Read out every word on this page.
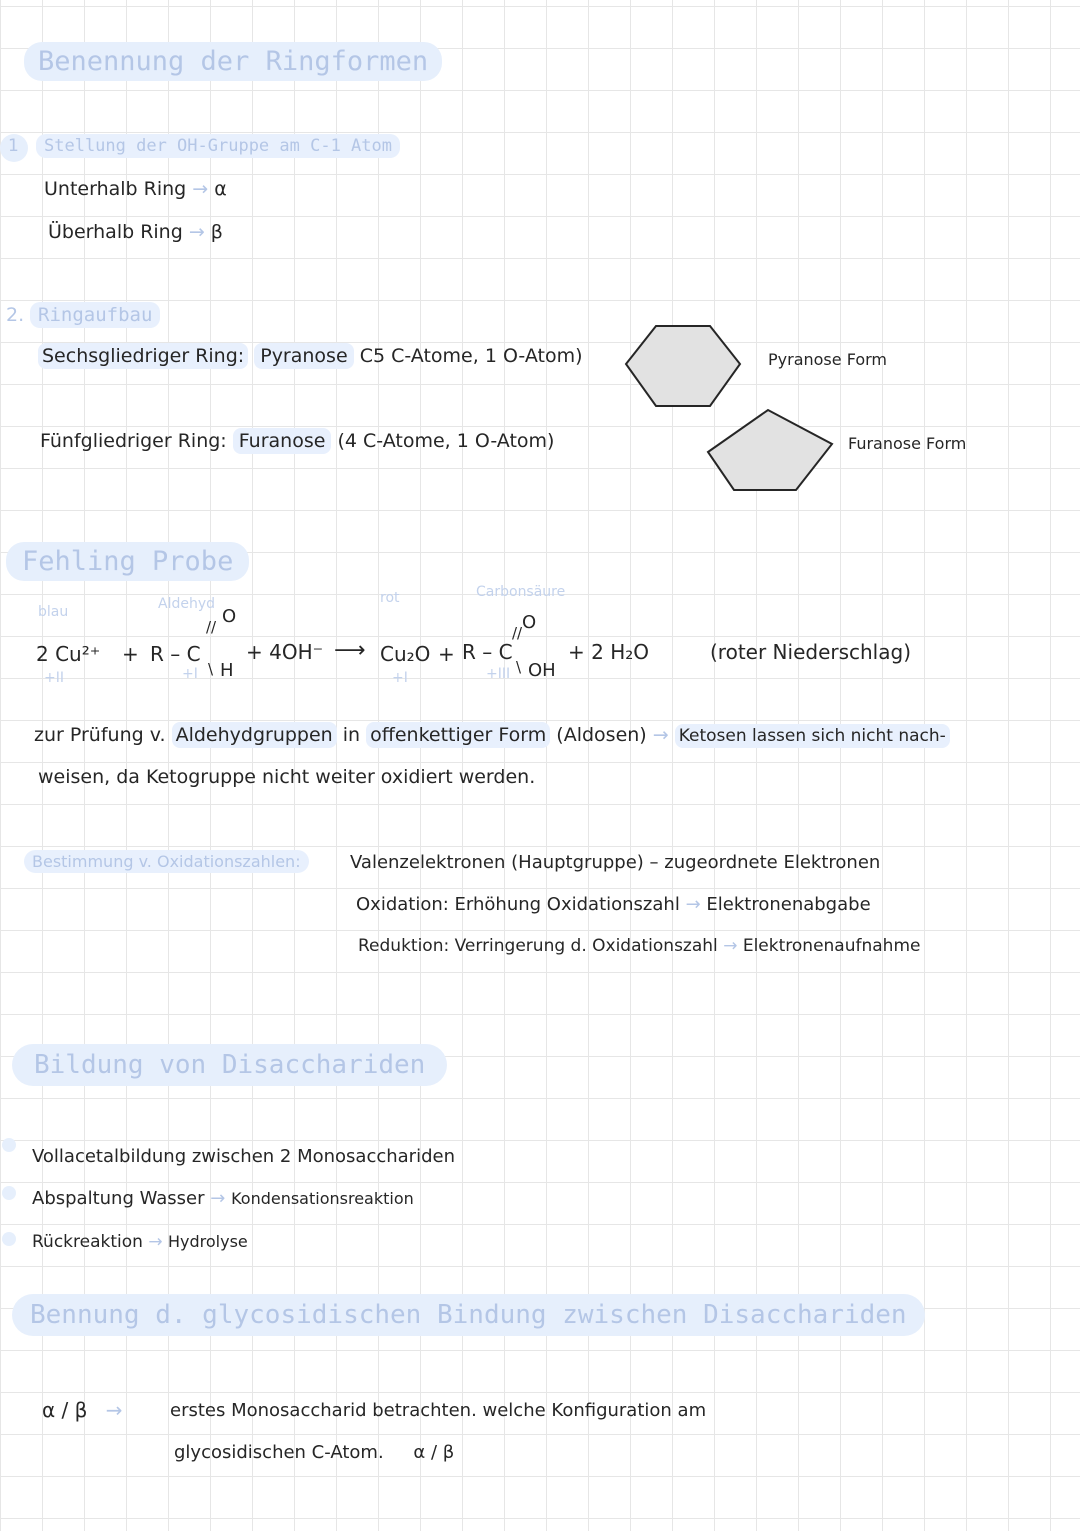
Benennung der Ringformen
1	Stellung der OH-Gruppe am C-1 Atom
Unterhalb Ring → α
Überhalb Ring → β
2. Ringaufbau
Sechsgliedriger Ring: Pyranose C5 C-Atome, 1 O-Atom)	Pyranose Form
Fünfgliedriger Ring: Furanose (4 C-Atome, 1 O-Atom)	Furanose Form
Fehling Probe
blau	Aldehyd	rot	Carbonsäure
2 Cu²⁺ + R – C
// O
\ H
+ 4OH⁻ ⟶ Cu₂O + R – C
// O
\ OH
+ 2 H₂O	(roter Niederschlag)
+II	+I	+I	+III
zur Prüfung v. Aldehydgruppen in offenkettiger Form (Aldosen) → Ketosen lassen sich nicht nach-
weisen, da Ketogruppe nicht weiter oxidiert werden.
Bestimmung v. Oxidationszahlen:	Valenzelektronen (Hauptgruppe) – zugeordnete Elektronen
Oxidation: Erhöhung Oxidationszahl → Elektronenabgabe
Reduktion: Verringerung d. Oxidationszahl → Elektronenaufnahme
Bildung von Disacchariden
Vollacetalbildung zwischen 2 Monosacchariden
Abspaltung Wasser → Kondensationsreaktion
Rückreaktion → Hydrolyse
Bennung d. glycosidischen Bindung zwischen Disacchariden
α / β →	erstes Monosaccharid betrachten. welche Konfiguration am
glycosidischen C-Atom. α / β
